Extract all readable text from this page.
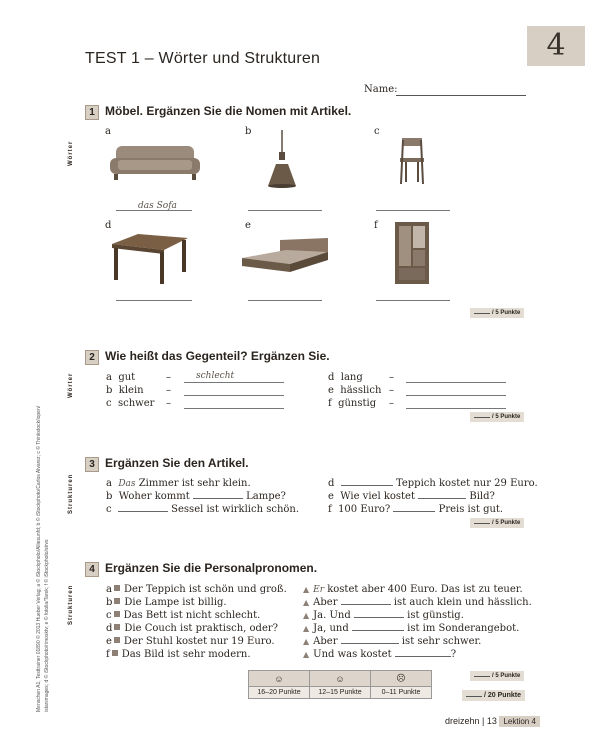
TEST 1 – Wörter und Strukturen	4
Name:
Menschen A1, Testtrainer 01890 © 2013 Hueber Verlag; a © iStockphoto/Alliesunfd; b © iStockphoto/Carlos Alvarez; c © Thinkstock/iopen/ istanimages; d © iStockphoto/rimosktv; e © fotolia/Tarek; f © iStockphoto/strvs
Wörter
1 Möbel. Ergänzen Sie die Nomen mit Artikel.
a
das Sofa
b	c
d	e	f
/ 5 Punkte
Wörter
2 Wie heißt das Gegenteil? Ergänzen Sie.
a gut	–	schlecht
b klein –
c schwer –
d lang	–
e hässlich –
f günstig –
/ 5 Punkte
Strukturen
3 Ergänzen Sie den Artikel.
a Das Zimmer ist sehr klein.
b Woher kommt	Lampe?
c	Sessel ist wirklich schön.
d	Teppich kostet nur 29 Euro.
e Wie viel kostet	Bild?
f 100 Euro?	Preis ist gut.
/ 5 Punkte
Strukturen
4 Ergänzen Sie die Personalpronomen.
a Der Teppich ist schön und groß.
b Die Lampe ist billig.
c Das Bett ist nicht schlecht.
d Die Couch ist praktisch, oder?
e Der Stuhl kostet nur 19 Euro.
f Das Bild ist sehr modern.
▲ Er kostet aber 400 Euro. Das ist zu teuer.
▲ Aber	ist auch klein und hässlich.
▲ Ja. Und	ist günstig.
▲ Ja, und	ist im Sonderangebot.
▲ Aber	ist sehr schwer.
▲ Und was kostet	?
☺	☺	☹
16–20 Punkte	12–15 Punkte	0–11 Punkte
/ 5 Punkte
/ 20 Punkte
dreizehn | 13 Lektion 4
